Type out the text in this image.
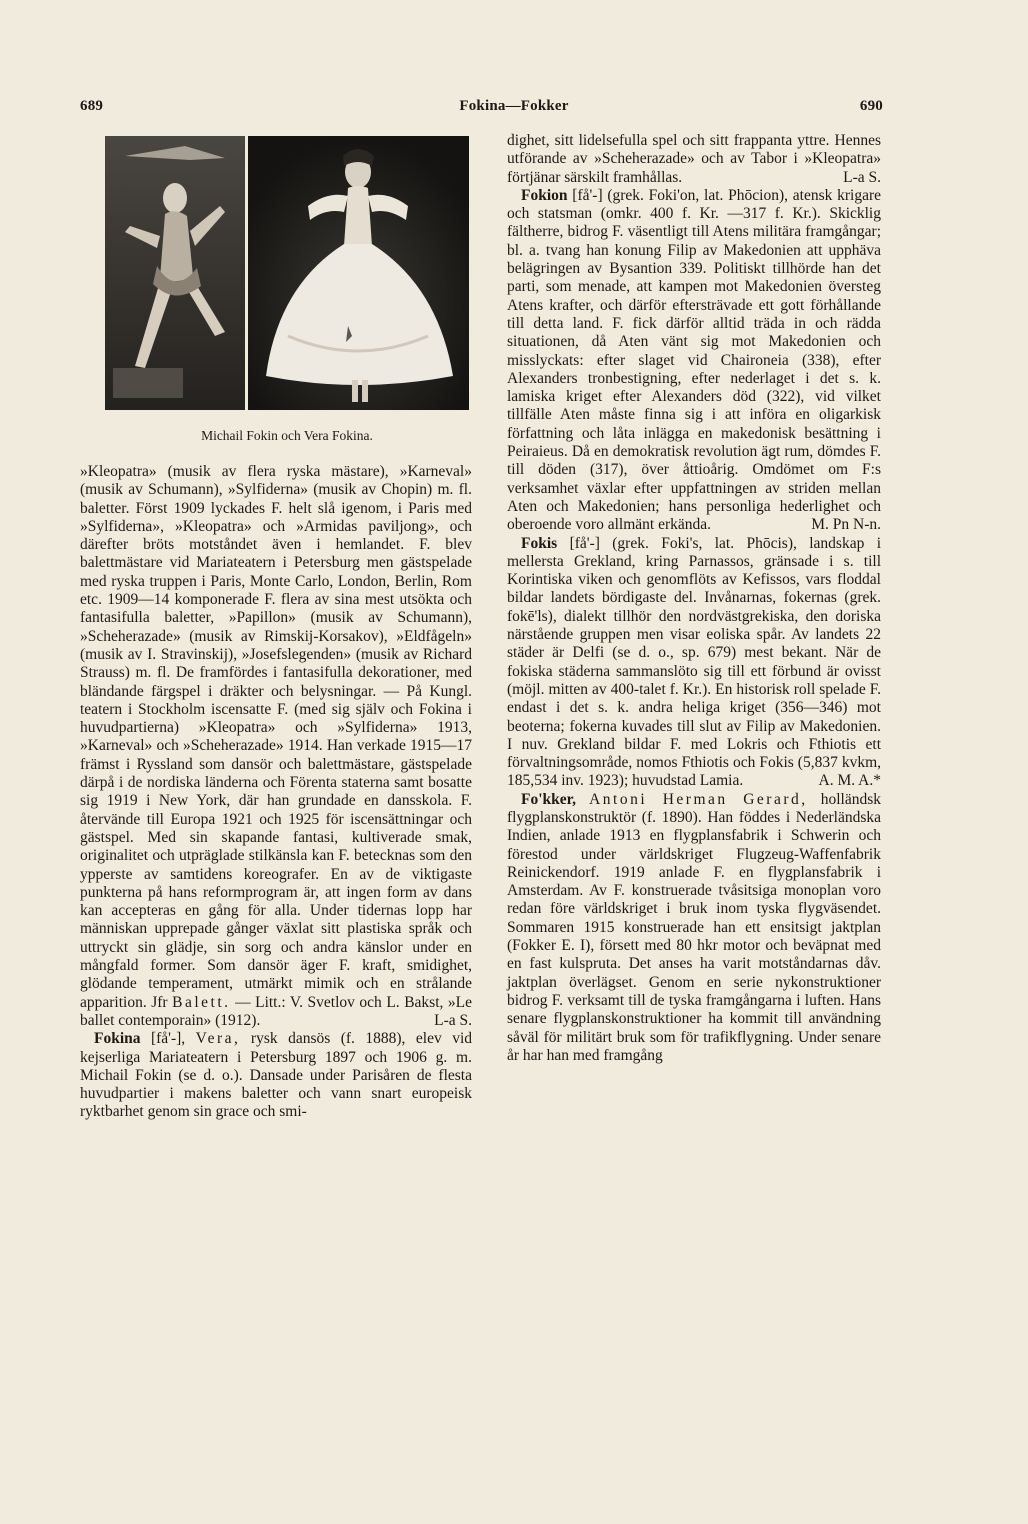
689	Fokina—Fokker	690
Michail Fokin och Vera Fokina.

»Kleopatra» (musik av flera ryska mästare), »Karneval» (musik av Schumann), »Sylfiderna» (musik av Chopin) m. fl. baletter. Först 1909 lyckades F. helt slå igenom, i Paris med »Sylfiderna», »Kleopatra» och »Armidas paviljong», och därefter bröts motståndet även i hemlandet. F. blev balettmästare vid Mariateatern i Petersburg men gästspelade med ryska truppen i Paris, Monte Carlo, London, Berlin, Rom etc. 1909—14 komponerade F. flera av sina mest utsökta och fantasifulla baletter, »Papillon» (musik av Schumann), »Scheherazade» (musik av Rimskij-Korsakov), »Eldfågeln» (musik av I. Stravinskij), »Josefslegenden» (musik av Richard Strauss) m. fl. De framfördes i fantasifulla dekorationer, med bländande färgspel i dräkter och belysningar. — På Kungl. teatern i Stockholm iscensatte F. (med sig själv och Fokina i huvudpartierna) »Kleopatra» och »Sylfiderna» 1913, »Karneval» och »Scheherazade» 1914. Han verkade 1915—17 främst i Ryssland som dansör och balettmästare, gästspelade därpå i de nordiska länderna och Förenta staterna samt bosatte sig 1919 i New York, där han grundade en dansskola. F. återvände till Europa 1921 och 1925 för iscensättningar och gästspel. Med sin skapande fantasi, kultiverade smak, originalitet och utpräglade stilkänsla kan F. betecknas som den ypperste av samtidens koreografer. En av de viktigaste punkterna på hans reformprogram är, att ingen form av dans kan accepteras en gång för alla. Under tidernas lopp har människan upprepade gånger växlat sitt plastiska språk och uttryckt sin glädje, sin sorg och andra känslor under en mångfald former. Som dansör äger F. kraft, smidighet, glödande temperament, utmärkt mimik och en strålande apparition. Jfr Balett. — Litt.: V. Svetlov och L. Bakst, »Le ballet contemporain» (1912).	L-a S.

Fokina [få'-], Vera, rysk dansös (f. 1888), elev vid kejserliga Mariateatern i Petersburg 1897 och 1906 g. m. Michail Fokin (se d. o.). Dansade under Parisåren de flesta huvudpartier i makens baletter och vann snart europeisk ryktbarhet genom sin grace och smi-

dighet, sitt lidelsefulla spel och sitt frappanta yttre. Hennes utförande av »Scheherazade» och av Tabor i »Kleopatra» förtjänar särskilt framhållas.	L-a S.

Fokion [få'-] (grek. Foki'on, lat. Phōcion), atensk krigare och statsman (omkr. 400 f. Kr. —317 f. Kr.). Skicklig fältherre, bidrog F. väsentligt till Atens militära framgångar; bl. a. tvang han konung Filip av Makedonien att upphäva belägringen av Bysantion 339. Politiskt tillhörde han det parti, som menade, att kampen mot Makedonien översteg Atens krafter, och därför eftersträvade ett gott förhållande till detta land. F. fick därför alltid träda in och rädda situationen, då Aten vänt sig mot Makedonien och misslyckats: efter slaget vid Chaironeia (338), efter Alexanders tronbestigning, efter nederlaget i det s. k. lamiska kriget efter Alexanders död (322), vid vilket tillfälle Aten måste finna sig i att införa en oligarkisk författning och låta inlägga en makedonisk besättning i Peiraieus. Då en demokratisk revolution ägt rum, dömdes F. till döden (317), över åttioårig. Omdömet om F:s verksamhet växlar efter uppfattningen av striden mellan Aten och Makedonien; hans personliga hederlighet och oberoende voro allmänt erkända.	M. Pn N-n.

Fokis [få'-] (grek. Foki's, lat. Phōcis), landskap i mellersta Grekland, kring Parnassos, gränsade i s. till Korintiska viken och genomflöts av Kefissos, vars floddal bildar landets bördigaste del. Invånarnas, fokernas (grek. fokē'ls), dialekt tillhör den nordvästgrekiska, den doriska närstående gruppen men visar eoliska spår. Av landets 22 städer är Delfi (se d. o., sp. 679) mest bekant. När de fokiska städerna sammanslöto sig till ett förbund är ovisst (möjl. mitten av 400-talet f. Kr.). En historisk roll spelade F. endast i det s. k. andra heliga kriget (356—346) mot beoterna; fokerna kuvades till slut av Filip av Makedonien. I nuv. Grekland bildar F. med Lokris och Fthiotis ett förvaltningsområde, nomos Fthiotis och Fokis (5,837 kvkm, 185,534 inv. 1923); huvudstad Lamia.	A. M. A.*

Fo'kker, Antoni Herman Gerard, holländsk flygplanskonstruktör (f. 1890). Han föddes i Nederländska Indien, anlade 1913 en flygplansfabrik i Schwerin och förestod under världskriget Flugzeug-Waffenfabrik Reinickendorf. 1919 anlade F. en flygplansfabrik i Amsterdam. Av F. konstruerade tvåsitsiga monoplan voro redan före världskriget i bruk inom tyska flygväsendet. Sommaren 1915 konstruerade han ett ensitsigt jaktplan (Fokker E. I), försett med 80 hkr motor och beväpnat med en fast kulspruta. Det anses ha varit motståndarnas dåv. jaktplan överlägset. Genom en serie nykonstruktioner bidrog F. verksamt till de tyska framgångarna i luften. Hans senare flygplanskonstruktioner ha kommit till användning såväl för militärt bruk som för trafikflygning. Under senare år har han med framgång
